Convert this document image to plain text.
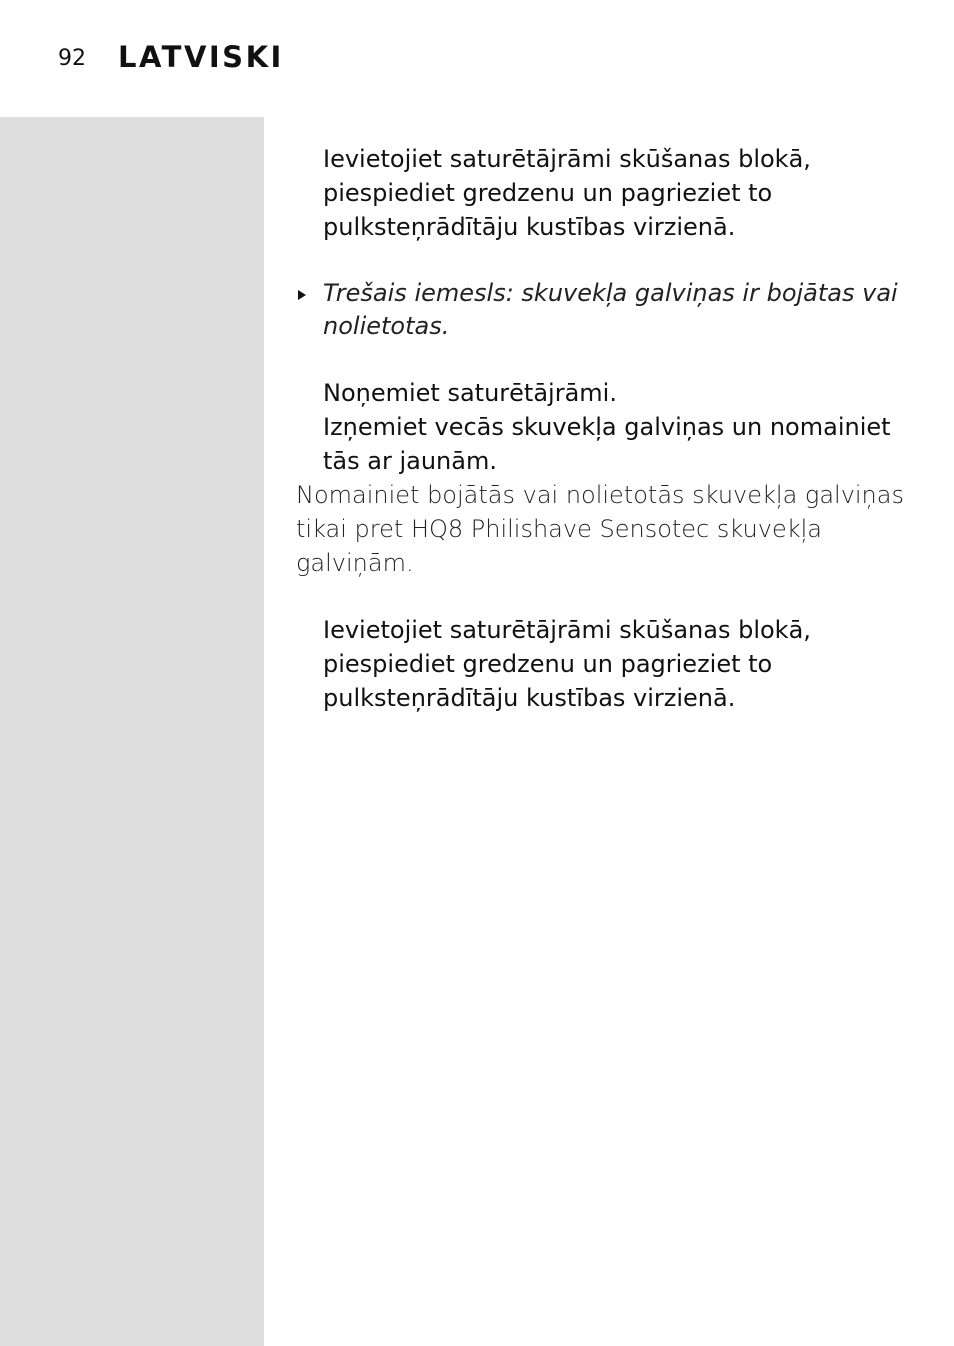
92 LATVISKI

Ievietojiet saturētājrāmi skūšanas blokā,

piespiediet gredzenu un pagrieziet to

pulksteņrādītāju kustības virzienā.

Trešais iemesls: skuvekļa galviņas ir bojātas vai
nolietotas.

Noņemiet saturētājrāmi.

Izņemiet vecās skuvekļa galviņas un nomainiet

tās ar jaunām.

Nomainiet bojātās vai nolietotās skuvekļa galviņas

tikai pret HQ8 Philishave Sensotec skuvekļa

galviņām.

Ievietojiet saturētājrāmi skūšanas blokā,

piespiediet gredzenu un pagrieziet to

pulksteņrādītāju kustības virzienā.
